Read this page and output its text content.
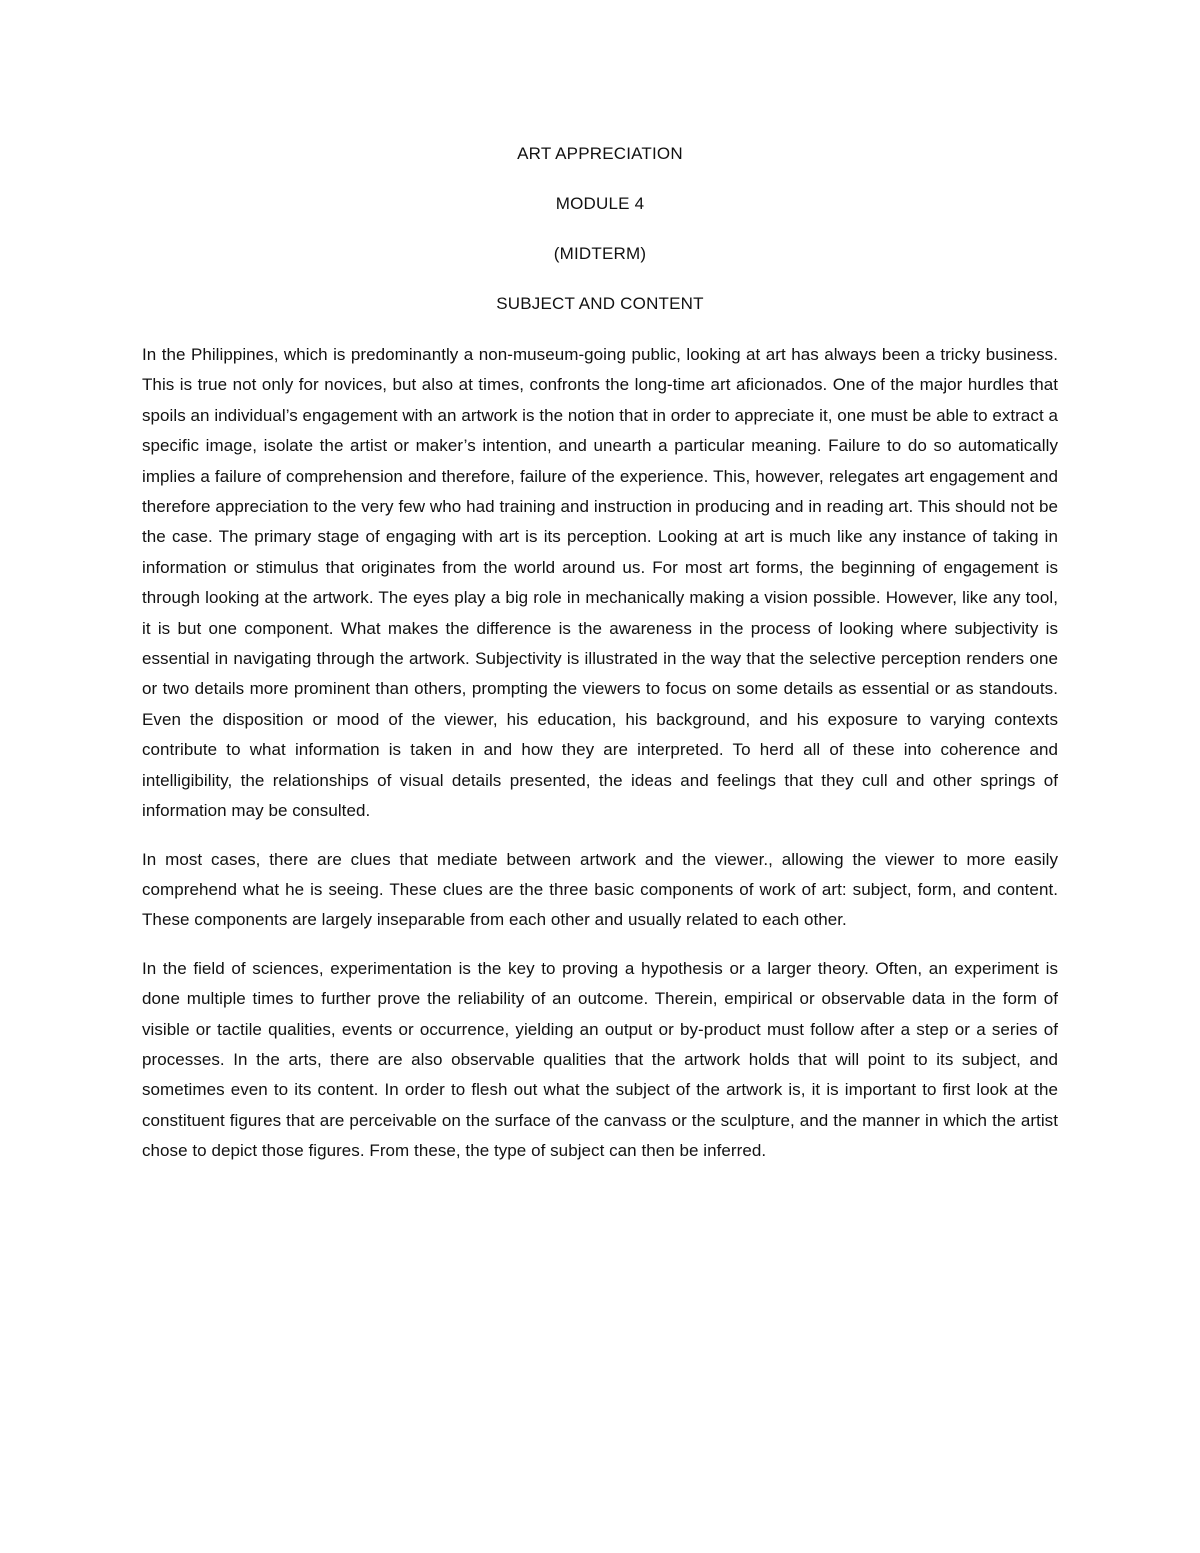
ART APPRECIATION
MODULE 4
(MIDTERM)
SUBJECT AND CONTENT

In the Philippines, which is predominantly a non-museum-going public, looking at art has always been a tricky business. This is true not only for novices, but also at times, confronts the long-time art aficionados. One of the major hurdles that spoils an individual’s engagement with an artwork is the notion that in order to appreciate it, one must be able to extract a specific image, isolate the artist or maker’s intention, and unearth a particular meaning. Failure to do so automatically implies a failure of comprehension and therefore, failure of the experience. This, however, relegates art engagement and therefore appreciation to the very few who had training and instruction in producing and in reading art. This should not be the case. The primary stage of engaging with art is its perception. Looking at art is much like any instance of taking in information or stimulus that originates from the world around us. For most art forms, the beginning of engagement is through looking at the artwork. The eyes play a big role in mechanically making a vision possible. However, like any tool, it is but one component. What makes the difference is the awareness in the process of looking where subjectivity is essential in navigating through the artwork. Subjectivity is illustrated in the way that the selective perception renders one or two details more prominent than others, prompting the viewers to focus on some details as essential or as standouts. Even the disposition or mood of the viewer, his education, his background, and his exposure to varying contexts contribute to what information is taken in and how they are interpreted. To herd all of these into coherence and intelligibility, the relationships of visual details presented, the ideas and feelings that they cull and other springs of information may be consulted.

In most cases, there are clues that mediate between artwork and the viewer., allowing the viewer to more easily comprehend what he is seeing. These clues are the three basic components of work of art: subject, form, and content. These components are largely inseparable from each other and usually related to each other.

In the field of sciences, experimentation is the key to proving a hypothesis or a larger theory. Often, an experiment is done multiple times to further prove the reliability of an outcome. Therein, empirical or observable data in the form of visible or tactile qualities, events or occurrence, yielding an output or by-product must follow after a step or a series of processes. In the arts, there are also observable qualities that the artwork holds that will point to its subject, and sometimes even to its content. In order to flesh out what the subject of the artwork is, it is important to first look at the constituent figures that are perceivable on the surface of the canvass or the sculpture, and the manner in which the artist chose to depict those figures. From these, the type of subject can then be inferred.
